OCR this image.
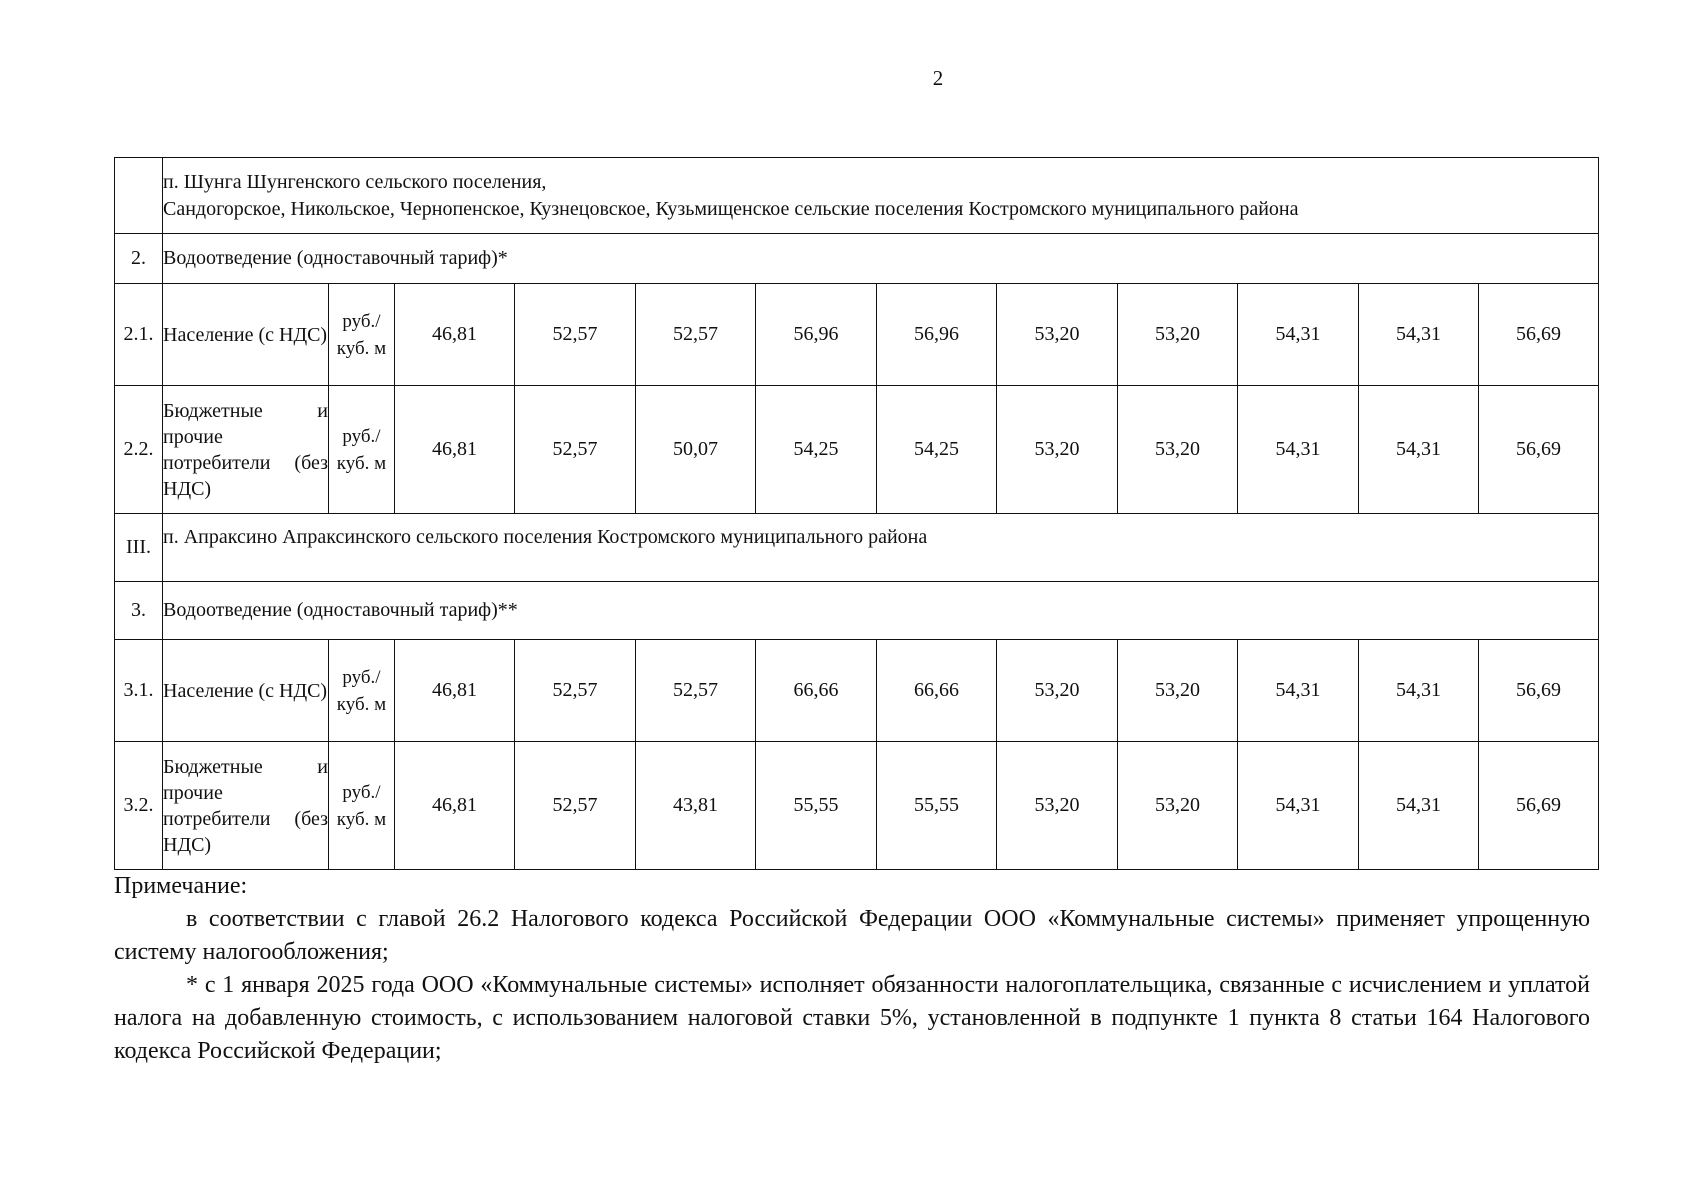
2

	п. Шунга Шунгенского сельского поселения,
Сандогорское, Никольское, Чернопенское, Кузнецовское, Кузьмищенское сельские поселения Костромского муниципального района											

2.	Водоотведение (одноставочный тариф)*											
2.1.	Население (с НДС)	руб./ куб. м	46,81	52,57	52,57	56,96	56,96	53,20	53,20	54,31	54,31	56,69
2.2.	Бюджетные и прочие потребители (без НДС)	руб./ куб. м	46,81	52,57	50,07	54,25	54,25	53,20	53,20	54,31	54,31	56,69
III.	п. Апраксино Апраксинского сельского поселения Костромского муниципального района											
3.	Водоотведение (одноставочный тариф)**											
3.1.	Население (с НДС)	руб./ куб. м	46,81	52,57	52,57	66,66	66,66	53,20	53,20	54,31	54,31	56,69
3.2.	Бюджетные и прочие потребители (без НДС)	руб./ куб. м	46,81	52,57	43,81	55,55	55,55	53,20	53,20	54,31	54,31	56,69

Примечание:

в соответствии с главой 26.2 Налогового кодекса Российской Федерации ООО «Коммунальные системы» применяет упрощенную систему налогообложения;

* с 1 января 2025 года ООО «Коммунальные системы» исполняет обязанности налогоплательщика, связанные с исчислением и уплатой налога на добавленную стоимость, с использованием налоговой ставки 5%, установленной в подпункте 1 пункта 8 статьи 164 Налогового кодекса Российской Федерации;
